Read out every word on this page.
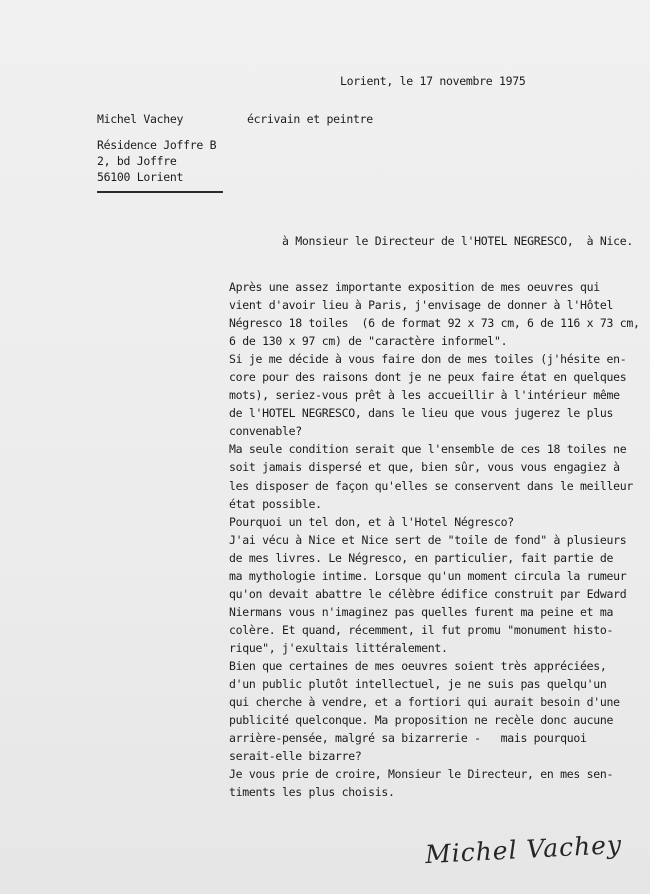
Lorient, le 17 novembre 1975
Michel Vachey	écrivain et peintre
Résidence Joffre B
2, bd Joffre
56100 Lorient
à Monsieur le Directeur de l'HOTEL NEGRESCO,  à Nice.
Après une assez importante exposition de mes oeuvres qui
vient d'avoir lieu à Paris, j'envisage de donner à l'Hôtel
Négresco 18 toiles  (6 de format 92 x 73 cm, 6 de 116 x 73 cm,
6 de 130 x 97 cm) de "caractère informel".
Si je me décide à vous faire don de mes toiles (j'hésite en-
core pour des raisons dont je ne peux faire état en quelques
mots), seriez-vous prêt à les accueillir à l'intérieur même
de l'HOTEL NEGRESCO, dans le lieu que vous jugerez le plus
convenable?
Ma seule condition serait que l'ensemble de ces 18 toiles ne
soit jamais dispersé et que, bien sûr, vous vous engagiez à
les disposer de façon qu'elles se conservent dans le meilleur
état possible.
Pourquoi un tel don, et à l'Hotel Négresco?
J'ai vécu à Nice et Nice sert de "toile de fond" à plusieurs
de mes livres. Le Négresco, en particulier, fait partie de
ma mythologie intime. Lorsque qu'un moment circula la rumeur
qu'on devait abattre le célèbre édifice construit par Edward
Niermans vous n'imaginez pas quelles furent ma peine et ma
colère. Et quand, récemment, il fut promu "monument histo-
rique", j'exultais littéralement.
Bien que certaines de mes oeuvres soient très appréciées,
d'un public plutôt intellectuel, je ne suis pas quelqu'un
qui cherche à vendre, et a fortiori qui aurait besoin d'une
publicité quelconque. Ma proposition ne recèle donc aucune
arrière-pensée, malgré sa bizarrerie -   mais pourquoi
serait-elle bizarre?
Je vous prie de croire, Monsieur le Directeur, en mes sen-
timents les plus choisis.
Michel Vachey
